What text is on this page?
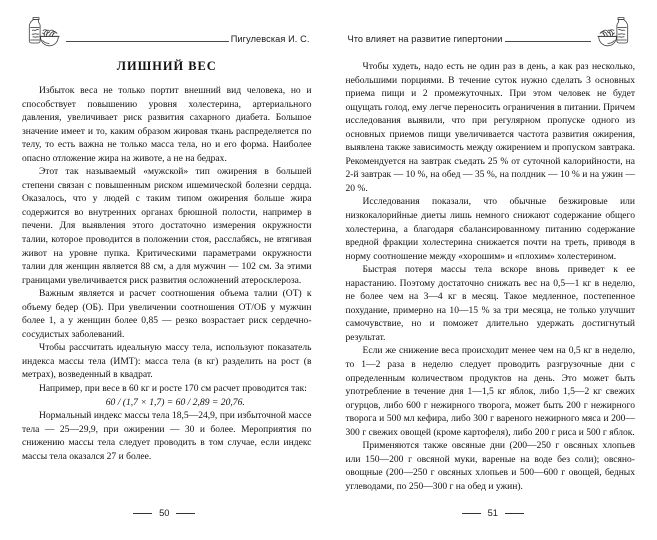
Пигулевская И. С.
ЛИШНИЙ ВЕС

Избыток веса не только портит внешний вид человека, но и способствует повышению уровня холестерина, артериального давления, увеличивает риск развития сахарного диабета. Большое значение имеет и то, каким образом жировая ткань распределяется по телу, то есть важна не только масса тела, но и его форма. Наиболее опасно отложение жира на животе, а не на бедрах.

Этот так называемый «мужской» тип ожирения в большей степени связан с повышенным риском ишемической болезни сердца. Оказалось, что у людей с таким типом ожирения больше жира содержится во внутренних органах брюшной полости, например в печени. Для выявления этого достаточно измерения окружности талии, которое проводится в положении стоя, расслабясь, не втягивая живот на уровне пупка. Критическими параметрами окружности талии для женщин является 88 см, а для мужчин — 102 см. За этими границами увеличивается риск развития осложнений атеросклероза.

Важным является и расчет соотношения объема талии (ОТ) к объему бедер (ОБ). При увеличении соотношения ОТ/ОБ у мужчин более 1, а у женщин более 0,85 — резко возрастает риск сердечно-сосудистых заболеваний.

Чтобы рассчитать идеальную массу тела, используют показатель индекса массы тела (ИМТ): масса тела (в кг) разделить на рост (в метрах), возведенный в квадрат.

Например, при весе в 60 кг и росте 170 см расчет проводится так:

60 / (1,7 × 1,7) = 60 / 2,89 = 20,76.

Нормальный индекс массы тела 18,5—24,9, при избыточной массе тела — 25—29,9, при ожирении — 30 и более. Мероприятия по снижению массы тела следует проводить в том случае, если индекс массы тела оказался 27 и более.

50
Что влияет на развитие гипертонии

Чтобы худеть, надо есть не один раз в день, а как раз несколько, небольшими порциями. В течение суток нужно сделать 3 основных приема пищи и 2 промежуточных. При этом человек не будет ощущать голод, ему легче переносить ограничения в питании. Причем исследования выявили, что при регулярном пропуске одного из основных приемов пищи увеличивается частота развития ожирения, выявлена также зависимость между ожирением и пропуском завтрака. Рекомендуется на завтрак съедать 25 % от суточной калорийности, на 2-й завтрак — 10 %, на обед — 35 %, на полдник — 10 % и на ужин — 20 %.

Исследования показали, что обычные безжировые или низкокалорийные диеты лишь немного снижают содержание общего холестерина, а благодаря сбалансированному питанию содержание вредной фракции холестерина снижается почти на треть, приводя в норму соотношение между «хорошим» и «плохим» холестерином.

Быстрая потеря массы тела вскоре вновь приведет к ее нарастанию. Поэтому достаточно снижать вес на 0,5—1 кг в неделю, не более чем на 3—4 кг в месяц. Такое медленное, постепенное похудание, примерно на 10—15 % за три месяца, не только улучшит самочувствие, но и поможет длительно удержать достигнутый результат.

Если же снижение веса происходит менее чем на 0,5 кг в неделю, то 1—2 раза в неделю следует проводить разгрузочные дни с определенным количеством продуктов на день. Это может быть употребление в течение дня 1—1,5 кг яблок, либо 1,5—2 кг свежих огурцов, либо 600 г нежирного творога, может быть 200 г нежирного творога и 500 мл кефира, либо 300 г вареного нежирного мяса и 200—300 г свежих овощей (кроме картофеля), либо 200 г риса и 500 г яблок.

Применяются также овсяные дни (200—250 г овсяных хлопьев или 150—200 г овсяной муки, вареные на воде без соли); овсяно-овощные (200—250 г овсяных хлопьев и 500—600 г овощей, бедных углеводами, по 250—300 г на обед и ужин).

51
